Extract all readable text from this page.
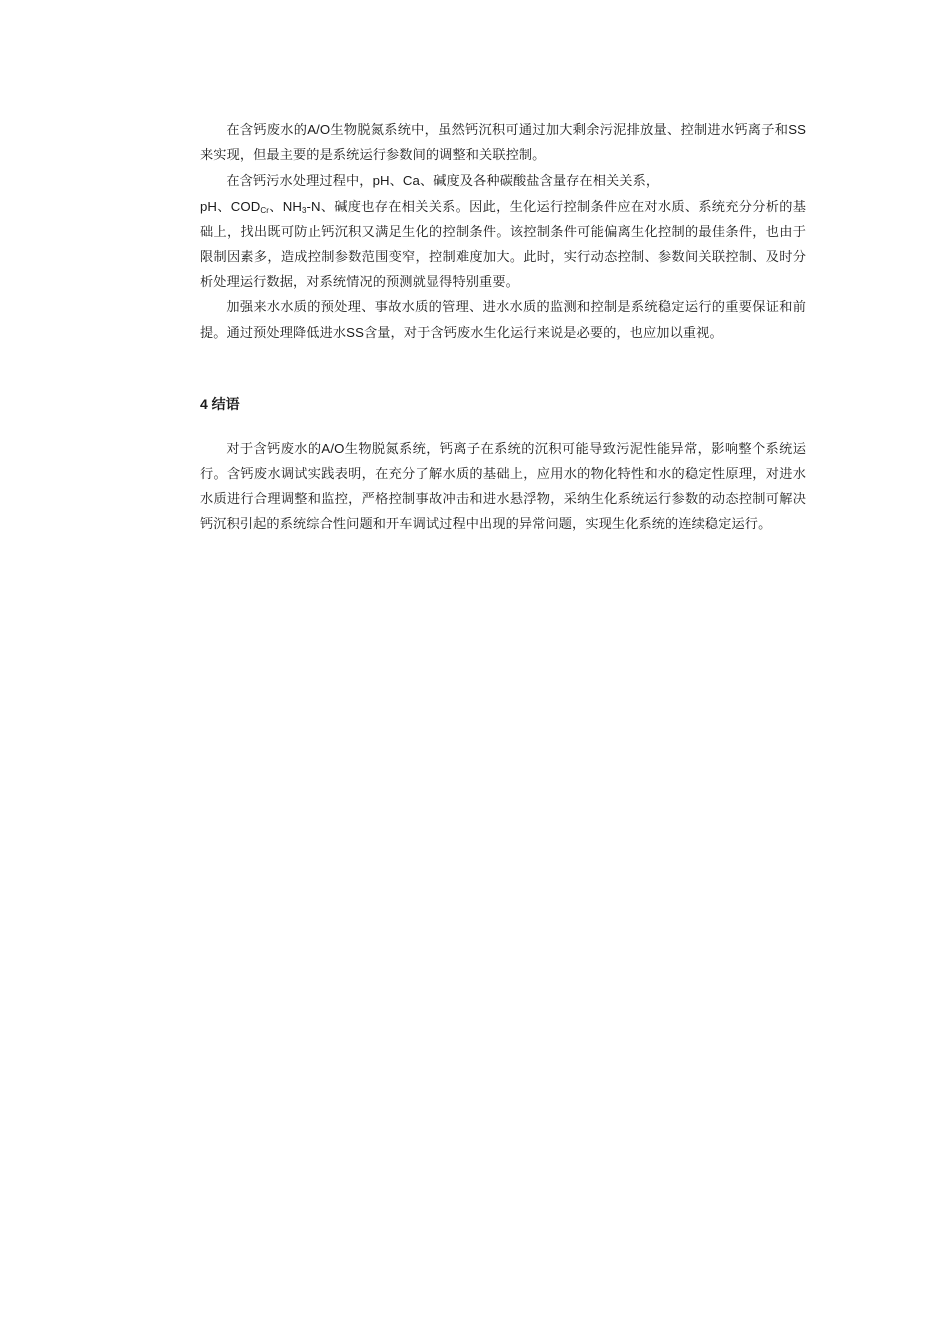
在含钙废水的A/O生物脱氮系统中，虽然钙沉积可通过加大剩余污泥排放量、控制进水钙离子和SS来实现，但最主要的是系统运行参数间的调整和关联控制。

在含钙污水处理过程中，pH、Ca、碱度及各种碳酸盐含量存在相关关系，

pH、$COD_{Cr}$、$NH_3-N$、碱度也存在相关关系。因此，生化运行控制条件应在对水质、系统充分分析的基础上，找出既可防止钙沉积又满足生化的控制条件。该控制条件可能偏离生化控制的最佳条件，也由于限制因素多，造成控制参数范围变窄，控制难度加大。此时，实行动态控制、参数间关联控制、及时分析处理运行数据，对系统情况的预测就显得特别重要。

加强来水水质的预处理、事故水质的管理、进水水质的监测和控制是系统稳定运行的重要保证和前提。通过预处理降低进水SS含量，对于含钙废水生化运行来说是必要的，也应加以重视。

4 结语

对于含钙废水的A/O生物脱氮系统，钙离子在系统的沉积可能导致污泥性能异常，影响整个系统运行。含钙废水调试实践表明，在充分了解水质的基础上，应用水的物化特性和水的稳定性原理，对进水水质进行合理调整和监控，严格控制事故冲击和进水悬浮物，采纳生化系统运行参数的动态控制可解决钙沉积引起的系统综合性问题和开车调试过程中出现的异常问题，实现生化系统的连续稳定运行。
